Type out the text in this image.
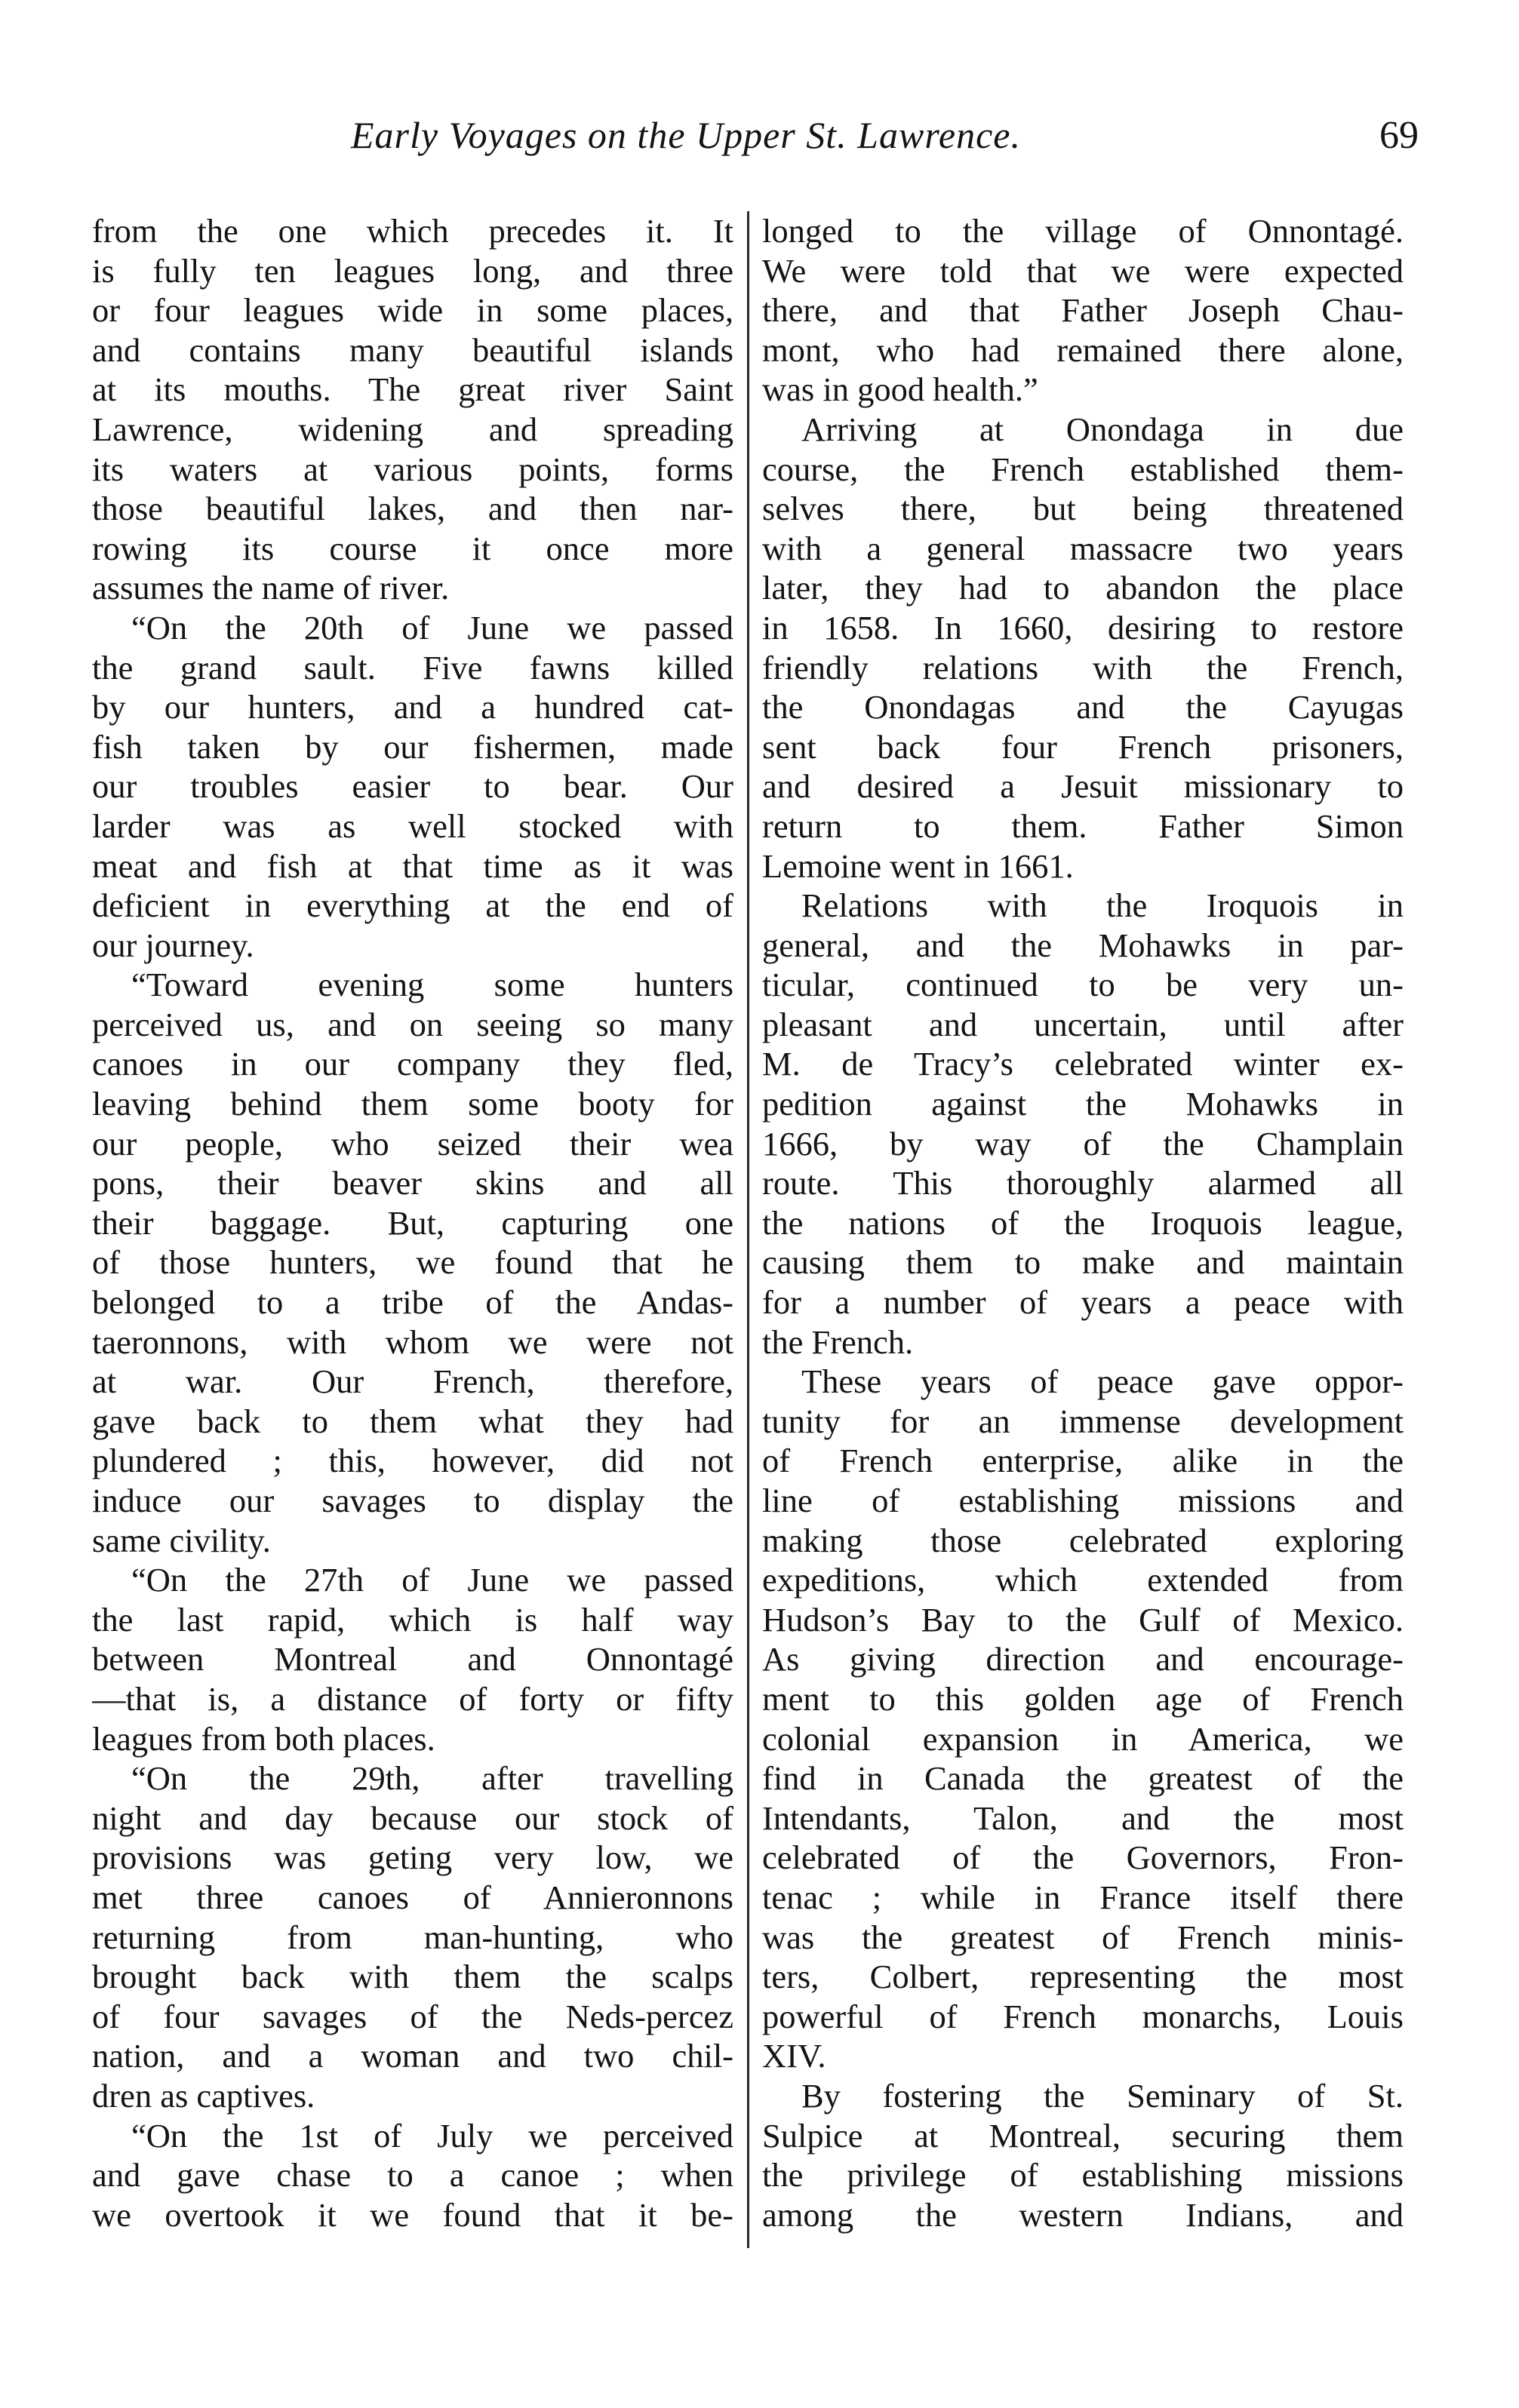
Early Voyages on the Upper St. Lawrence.	69
from the one which precedes it. It
is fully ten leagues long, and three
or four leagues wide in some places,
and contains many beautiful islands
at its mouths. The great river Saint
Lawrence, widening and spreading
its waters at various points, forms
those beautiful lakes, and then nar-
rowing its course it once more
assumes the name of river.
“On the 20th of June we passed
the grand sault. Five fawns killed
by our hunters, and a hundred cat-
fish taken by our fishermen, made
our troubles easier to bear. Our
larder was as well stocked with
meat and fish at that time as it was
deficient in everything at the end of
our journey.
“Toward evening some hunters
perceived us, and on seeing so many
canoes in our company they fled,
leaving behind them some booty for
our people, who seized their wea
pons, their beaver skins and all
their baggage. But, capturing one
of those hunters, we found that he
belonged to a tribe of the Andas-
taeronnons, with whom we were not
at war. Our French, therefore,
gave back to them what they had
plundered ; this, however, did not
induce our savages to display the
same civility.
“On the 27th of June we passed
the last rapid, which is half way
between Montreal and Onnontagé
—that is, a distance of forty or fifty
leagues from both places.
“On the 29th, after travelling
night and day because our stock of
provisions was geting very low, we
met three canoes of Annieronnons
returning from man-hunting, who
brought back with them the scalps
of four savages of the Neds-percez
nation, and a woman and two chil-
dren as captives.
“On the 1st of July we perceived
and gave chase to a canoe ; when
we overtook it we found that it be-
longed to the village of Onnontagé.
We were told that we were expected
there, and that Father Joseph Chau-
mont, who had remained there alone,
was in good health.”
Arriving at Onondaga in due
course, the French established them-
selves there, but being threatened
with a general massacre two years
later, they had to abandon the place
in 1658. In 1660, desiring to restore
friendly relations with the French,
the Onondagas and the Cayugas
sent back four French prisoners,
and desired a Jesuit missionary to
return to them. Father Simon
Lemoine went in 1661.
Relations with the Iroquois in
general, and the Mohawks in par-
ticular, continued to be very un-
pleasant and uncertain, until after
M. de Tracy’s celebrated winter ex-
pedition against the Mohawks in
1666, by way of the Champlain
route. This thoroughly alarmed all
the nations of the Iroquois league,
causing them to make and maintain
for a number of years a peace with
the French.
These years of peace gave oppor-
tunity for an immense development
of French enterprise, alike in the
line of establishing missions and
making those celebrated exploring
expeditions, which extended from
Hudson’s Bay to the Gulf of Mexico.
As giving direction and encourage-
ment to this golden age of French
colonial expansion in America, we
find in Canada the greatest of the
Intendants, Talon, and the most
celebrated of the Governors, Fron-
tenac ; while in France itself there
was the greatest of French minis-
ters, Colbert, representing the most
powerful of French monarchs, Louis
XIV.
By fostering the Seminary of St.
Sulpice at Montreal, securing them
the privilege of establishing missions
among the western Indians, and
